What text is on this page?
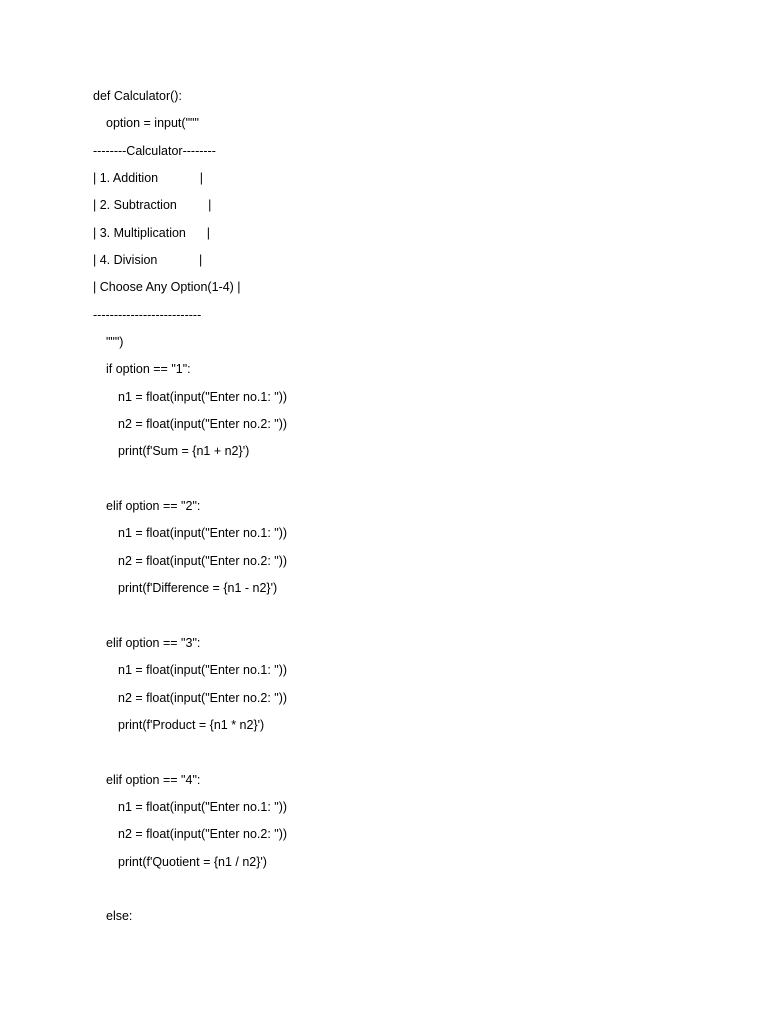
def Calculator():
option = input("""
--------Calculator--------
| 1. Addition            |
| 2. Subtraction         |
| 3. Multiplication      |
| 4. Division            |
| Choose Any Option(1-4) |
--------------------------
""")
if option == "1":
n1 = float(input("Enter no.1: "))
n2 = float(input("Enter no.2: "))
print(f'Sum = {n1 + n2}')
elif option == "2":
n1 = float(input("Enter no.1: "))
n2 = float(input("Enter no.2: "))
print(f'Difference = {n1 - n2}')
elif option == "3":
n1 = float(input("Enter no.1: "))
n2 = float(input("Enter no.2: "))
print(f'Product = {n1 * n2}')
elif option == "4":
n1 = float(input("Enter no.1: "))
n2 = float(input("Enter no.2: "))
print(f'Quotient = {n1 / n2}')
else:
